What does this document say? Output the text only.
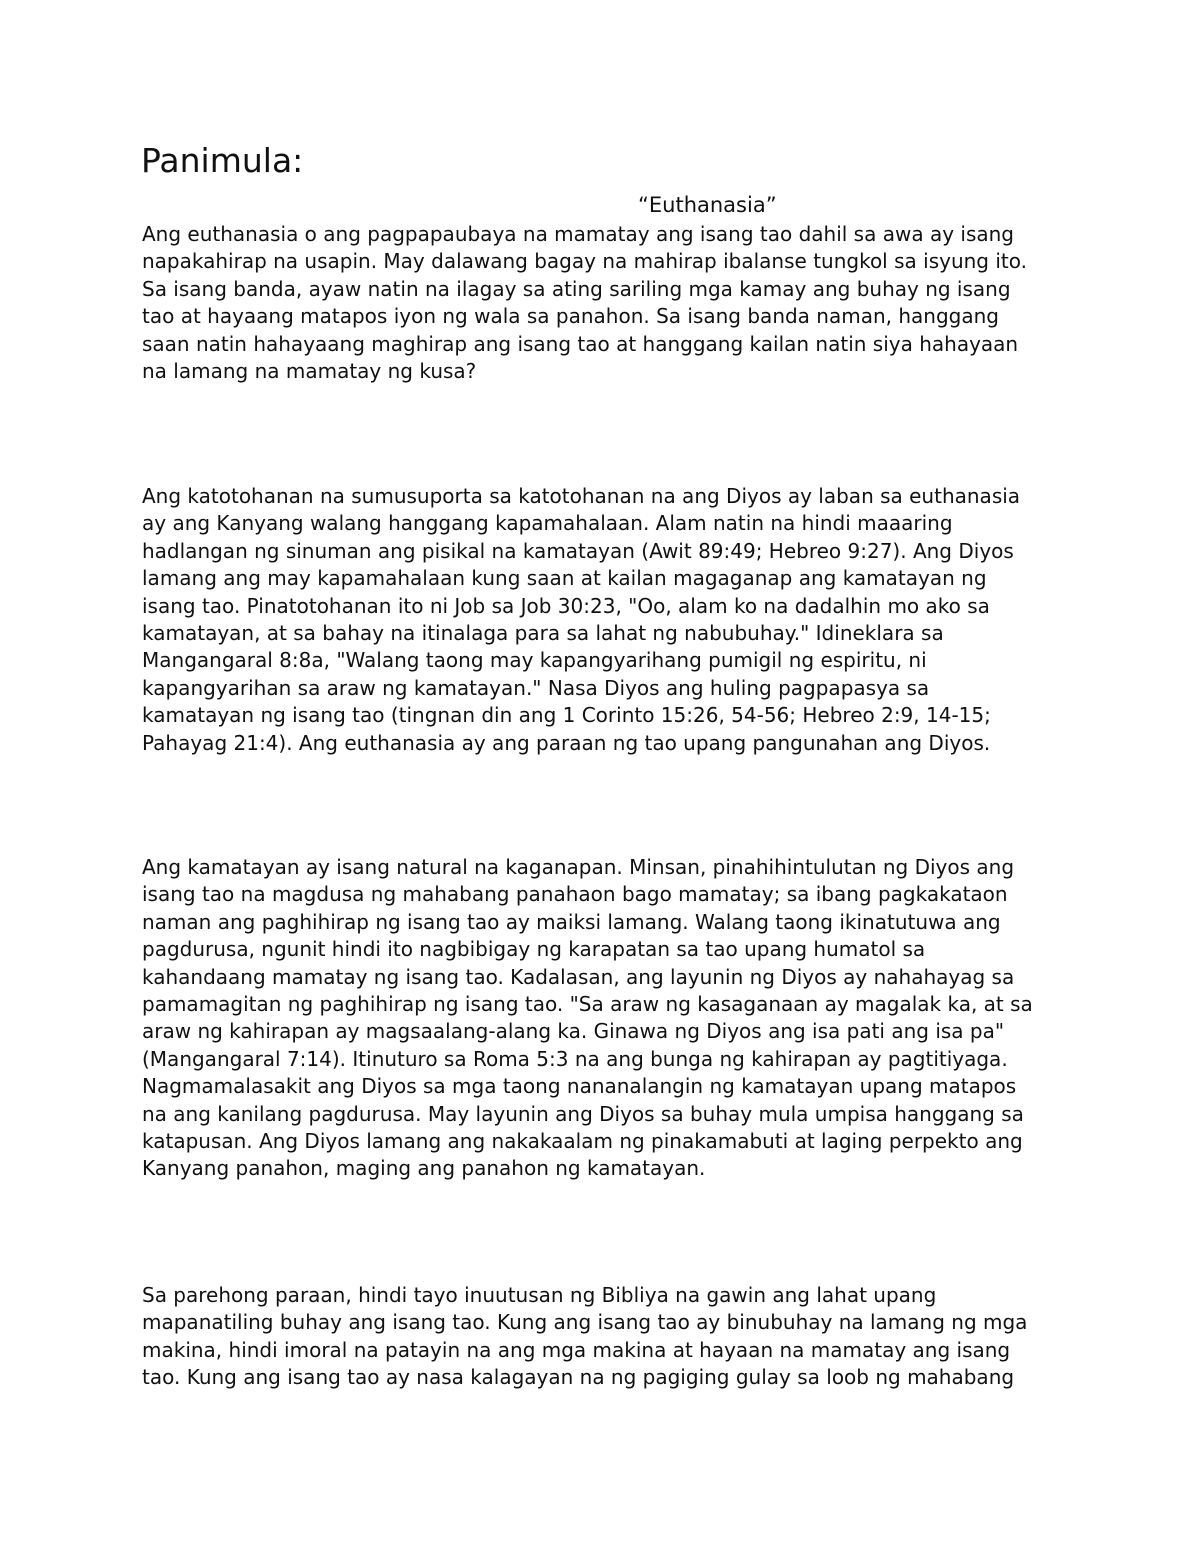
Panimula:
“Euthanasia”

Ang euthanasia o ang pagpapaubaya na mamatay ang isang tao dahil sa awa ay isang
napakahirap na usapin. May dalawang bagay na mahirap ibalanse tungkol sa isyung ito.
Sa isang banda, ayaw natin na ilagay sa ating sariling mga kamay ang buhay ng isang
tao at hayaang matapos iyon ng wala sa panahon. Sa isang banda naman, hanggang
saan natin hahayaang maghirap ang isang tao at hanggang kailan natin siya hahayaan
na lamang na mamatay ng kusa?

Ang katotohanan na sumusuporta sa katotohanan na ang Diyos ay laban sa euthanasia
ay ang Kanyang walang hanggang kapamahalaan. Alam natin na hindi maaaring
hadlangan ng sinuman ang pisikal na kamatayan (Awit 89:49; Hebreo 9:27). Ang Diyos
lamang ang may kapamahalaan kung saan at kailan magaganap ang kamatayan ng
isang tao. Pinatotohanan ito ni Job sa Job 30:23, "Oo, alam ko na dadalhin mo ako sa
kamatayan, at sa bahay na itinalaga para sa lahat ng nabubuhay." Idineklara sa
Mangangaral 8:8a, "Walang taong may kapangyarihang pumigil ng espiritu, ni
kapangyarihan sa araw ng kamatayan." Nasa Diyos ang huling pagpapasya sa
kamatayan ng isang tao (tingnan din ang 1 Corinto 15:26, 54-56; Hebreo 2:9, 14-15;
Pahayag 21:4). Ang euthanasia ay ang paraan ng tao upang pangunahan ang Diyos.

Ang kamatayan ay isang natural na kaganapan. Minsan, pinahihintulutan ng Diyos ang
isang tao na magdusa ng mahabang panahaon bago mamatay; sa ibang pagkakataon
naman ang paghihirap ng isang tao ay maiksi lamang. Walang taong ikinatutuwa ang
pagdurusa, ngunit hindi ito nagbibigay ng karapatan sa tao upang humatol sa
kahandaang mamatay ng isang tao. Kadalasan, ang layunin ng Diyos ay nahahayag sa
pamamagitan ng paghihirap ng isang tao. "Sa araw ng kasaganaan ay magalak ka, at sa
araw ng kahirapan ay magsaalang-alang ka. Ginawa ng Diyos ang isa pati ang isa pa"
(Mangangaral 7:14). Itinuturo sa Roma 5:3 na ang bunga ng kahirapan ay pagtitiyaga.
Nagmamalasakit ang Diyos sa mga taong nananalangin ng kamatayan upang matapos
na ang kanilang pagdurusa. May layunin ang Diyos sa buhay mula umpisa hanggang sa
katapusan. Ang Diyos lamang ang nakakaalam ng pinakamabuti at laging perpekto ang
Kanyang panahon, maging ang panahon ng kamatayan.

Sa parehong paraan, hindi tayo inuutusan ng Bibliya na gawin ang lahat upang
mapanatiling buhay ang isang tao. Kung ang isang tao ay binubuhay na lamang ng mga
makina, hindi imoral na patayin na ang mga makina at hayaan na mamatay ang isang
tao. Kung ang isang tao ay nasa kalagayan na ng pagiging gulay sa loob ng mahabang
